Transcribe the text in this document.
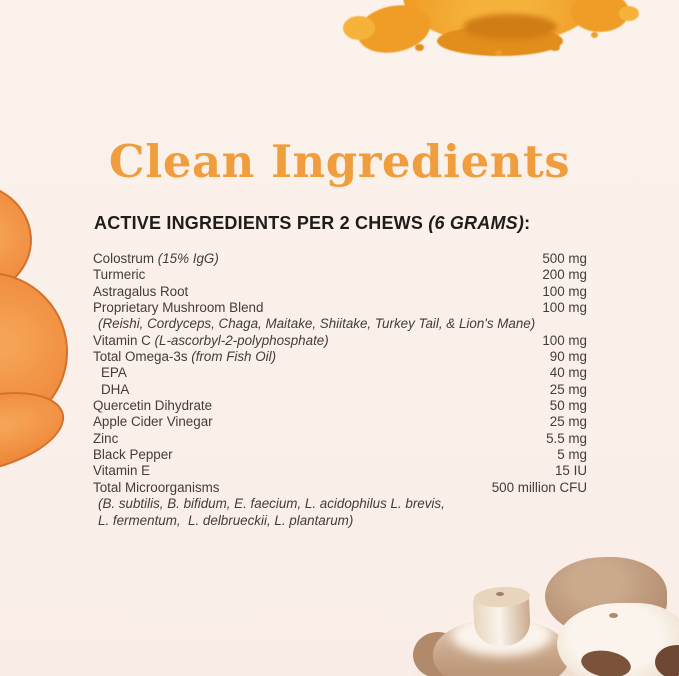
Clean Ingredients
ACTIVE INGREDIENTS PER 2 CHEWS (6 GRAMS):
Colostrum (15% IgG)	500 mg
Turmeric	200 mg
Astragalus Root	100 mg
Proprietary Mushroom Blend	100 mg
(Reishi, Cordyceps, Chaga, Maitake, Shiitake, Turkey Tail, & Lion's Mane)
Vitamin C (L-ascorbyl-2-polyphosphate)	100 mg
Total Omega-3s (from Fish Oil)	90 mg
EPA	40 mg
DHA	25 mg
Quercetin Dihydrate	50 mg
Apple Cider Vinegar	25 mg
Zinc	5.5 mg
Black Pepper	5 mg
Vitamin E	15 IU
Total Microorganisms	500 million CFU
(B. subtilis, B. bifidum, E. faecium, L. acidophilus L. brevis,
L. fermentum,  L. delbrueckii, L. plantarum)
